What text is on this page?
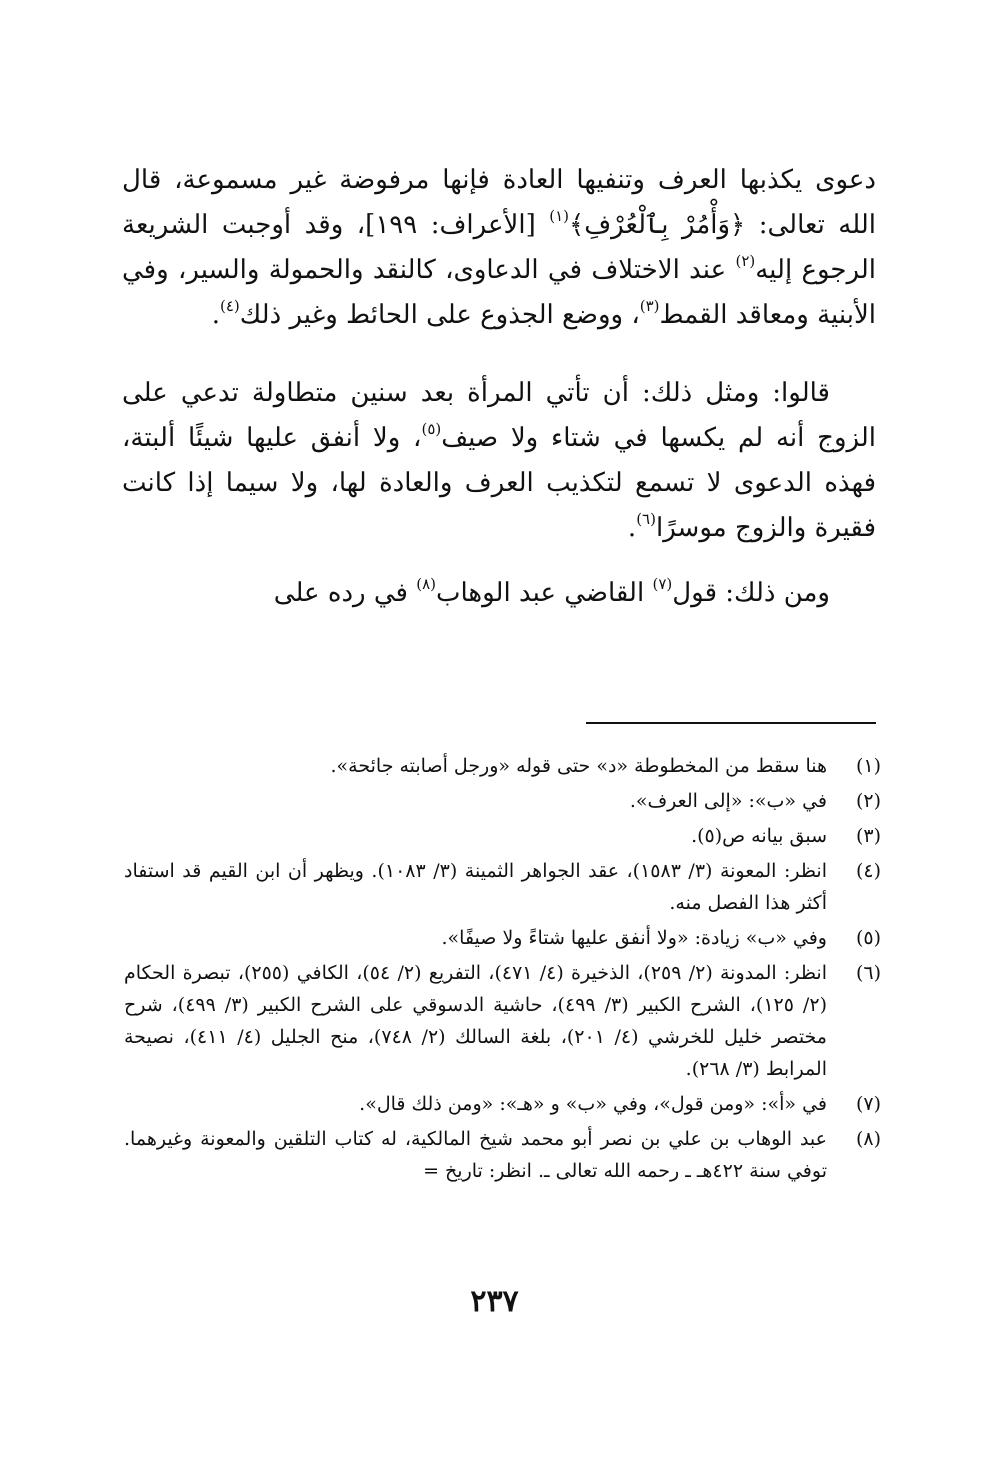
دعوى يكذبها العرف وتنفيها العادة فإنها مرفوضة غير مسموعة، قال الله تعالى: ﴿وَأْمُرْ بِٱلْعُرْفِ﴾$^{(١)}$ [الأعراف: ١٩٩]، وقد أوجبت الشريعة الرجوع إليه$^{(٢)}$ عند الاختلاف في الدعاوى، كالنقد والحمولة والسير، وفي الأبنية ومعاقد القمط$^{(٣)}$، ووضع الجذوع على الحائط وغير ذلك$^{(٤)}$.

قالوا: ومثل ذلك: أن تأتي المرأة بعد سنين متطاولة تدعي على الزوج أنه لم يكسها في شتاء ولا صيف$^{(٥)}$، ولا أنفق عليها شيئًا ألبتة، فهذه الدعوى لا تسمع لتكذيب العرف والعادة لها، ولا سيما إذا كانت فقيرة والزوج موسرًا$^{(٦)}$.

ومن ذلك: قول$^{(٧)}$ القاضي عبد الوهاب$^{(٨)}$ في رده على

(١)
هنا سقط من المخطوطة «د» حتى قوله «ورجل أصابته جائحة».
(٢)
في «ب»: «إلى العرف».
(٣)
سبق بيانه ص(٥).
(٤)
انظر: المعونة (٣/ ١٥٨٣)، عقد الجواهر الثمينة (٣/ ١٠٨٣). ويظهر أن ابن القيم قد استفاد أكثر هذا الفصل منه.
(٥)
وفي «ب» زيادة: «ولا أنفق عليها شتاءً ولا صيفًا».
(٦)
انظر: المدونة (٢/ ٢٥٩)، الذخيرة (٤/ ٤٧١)، التفريع (٢/ ٥٤)، الكافي (٢٥٥)، تبصرة الحكام (٢/ ١٢٥)، الشرح الكبير (٣/ ٤٩٩)، حاشية الدسوقي على الشرح الكبير (٣/ ٤٩٩)، شرح مختصر خليل للخرشي (٤/ ٢٠١)، بلغة السالك (٢/ ٧٤٨)، منح الجليل (٤/ ٤١١)، نصيحة المرابط (٣/ ٢٦٨).
(٧)
في «أ»: «ومن قول»، وفي «ب» و «هـ»: «ومن ذلك قال».
(٨)
عبد الوهاب بن علي بن نصر أبو محمد شيخ المالكية، له كتاب التلقين والمعونة وغيرهما. توفي سنة ٤٢٢هـ ـ رحمه الله تعالى ـ. انظر: تاريخ =
٢٣٧
